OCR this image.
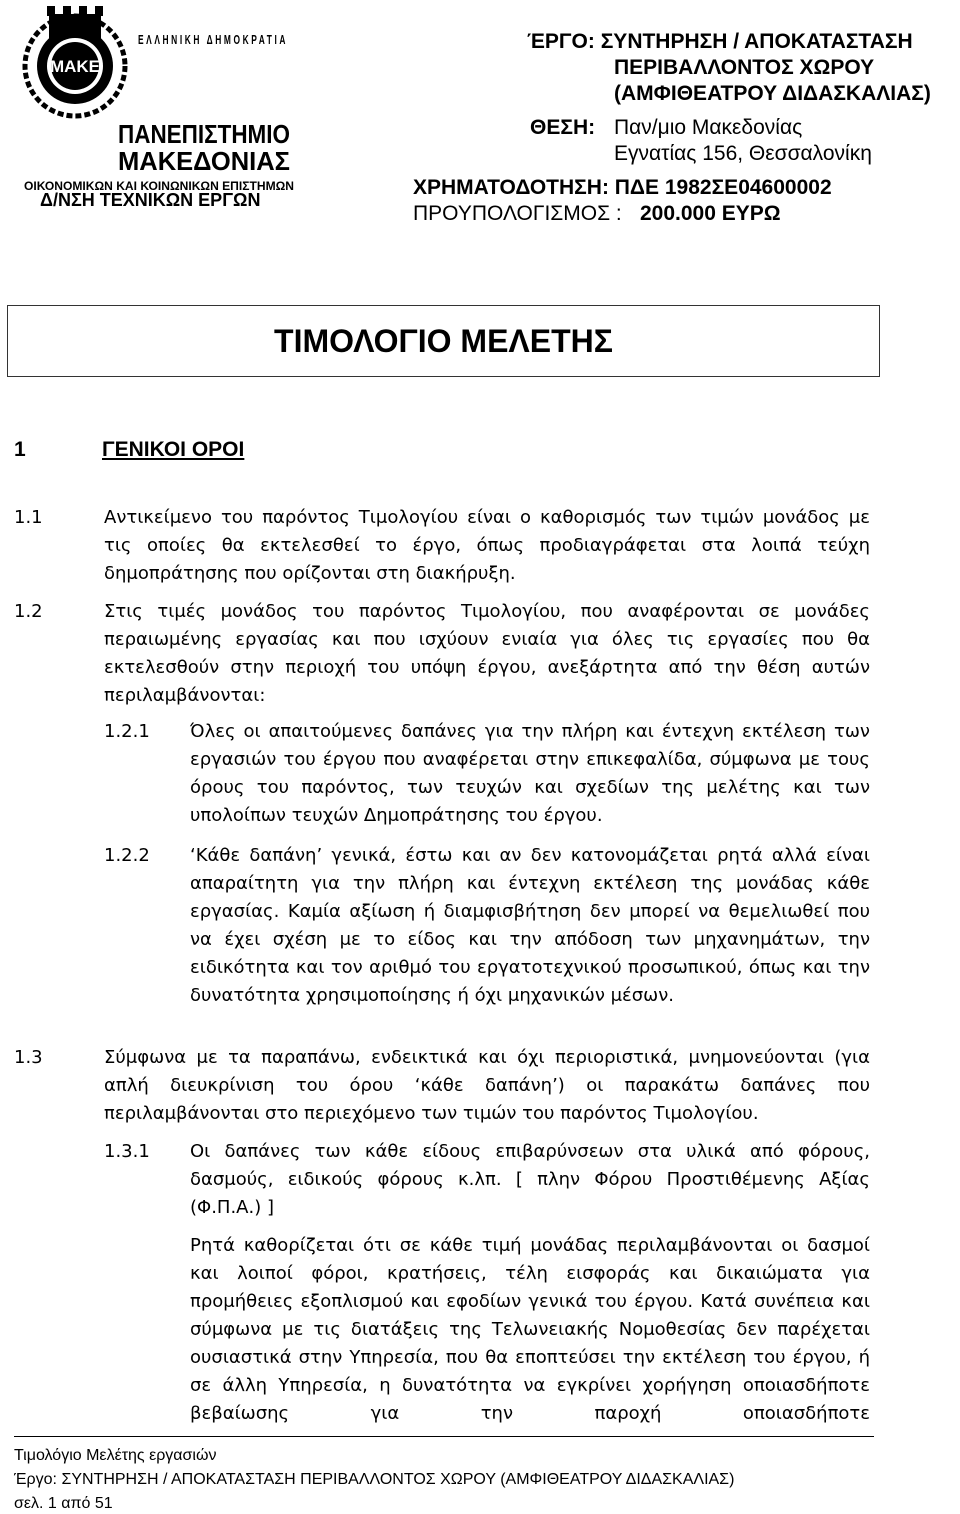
ΜΑΚΕ
ΕΛΛΗΝΙΚΗ ΔΗΜΟΚΡΑΤΙΑ
ΠΑΝΕΠΙΣΤΗΜΙΟ
ΜΑΚΕΔΟΝΙΑΣ
ΟΙΚΟΝΟΜΙΚΩΝ ΚΑΙ ΚΟΙΝΩΝΙΚΩΝ ΕΠΙΣΤΗΜΩΝ
Δ/ΝΣΗ ΤΕΧΝΙΚΩΝ ΕΡΓΩΝ
ΈΡΓΟ: ΣΥΝΤΗΡΗΣΗ / ΑΠΟΚΑΤΑΣΤΑΣΗ
ΠΕΡΙΒΑΛΛΟΝΤΟΣ ΧΩΡΟΥ
(ΑΜΦΙΘΕΑΤΡΟΥ ΔΙΔΑΣΚΑΛΙΑΣ)
ΘΕΣΗ: Παν/μιο Μακεδονίας
Εγνατίας 156, Θεσσαλονίκη
ΧΡΗΜΑΤΟΔΟΤΗΣΗ: ΠΔΕ 1982ΣΕ04600002
ΠΡΟΥΠΟΛΟΓΙΣΜΟΣ : 200.000 ΕΥΡΩ
ΤΙΜΟΛΟΓΙΟ ΜΕΛΕΤΗΣ
1	ΓΕΝΙΚΟΙ ΟΡΟΙ
1.1	Αντικείμενο του παρόντος Τιμολογίου είναι ο καθορισμός των τιμών μονάδος με τις οποίες θα εκτελεσθεί το έργο, όπως προδιαγράφεται στα λοιπά τεύχη δημοπράτησης που ορίζονται στη διακήρυξη.
1.2	Στις τιμές μονάδος του παρόντος Τιμολογίου, που αναφέρονται σε μονάδες περαιωμένης εργασίας και που ισχύουν ενιαία για όλες τις εργασίες που θα εκτελεσθούν στην περιοχή του υπόψη έργου, ανεξάρτητα από την θέση αυτών περιλαμβάνονται:
1.2.1 Όλες οι απαιτούμενες δαπάνες για την πλήρη και έντεχνη εκτέλεση των εργασιών του έργου που αναφέρεται στην επικεφαλίδα, σύμφωνα με τους όρους του παρόντος, των τευχών και σχεδίων της μελέτης και των υπολοίπων τευχών Δημοπράτησης του έργου.
1.2.2 ‘Κάθε δαπάνη’ γενικά, έστω και αν δεν κατονομάζεται ρητά αλλά είναι απαραίτητη για την πλήρη και έντεχνη εκτέλεση της μονάδας κάθε εργασίας. Καμία αξίωση ή διαμφισβήτηση δεν μπορεί να θεμελιωθεί που να έχει σχέση με το είδος και την απόδοση των μηχανημάτων, την ειδικότητα και τον αριθμό του εργατοτεχνικού προσωπικού, όπως και την δυνατότητα χρησιμοποίησης ή όχι μηχανικών μέσων.
1.3	Σύμφωνα με τα παραπάνω, ενδεικτικά και όχι περιοριστικά, μνημονεύονται (για απλή διευκρίνιση του όρου ‘κάθε δαπάνη’) οι παρακάτω δαπάνες που περιλαμβάνονται στο περιεχόμενο των τιμών του παρόντος Τιμολογίου.
1.3.1 Οι δαπάνες των κάθε είδους επιβαρύνσεων στα υλικά από φόρους, δασμούς, ειδικούς φόρους κ.λπ. [ πλην Φόρου Προστιθέμενης Αξίας (Φ.Π.Α.) ]
Ρητά καθορίζεται ότι σε κάθε τιμή μονάδας περιλαμβάνονται οι δασμοί και λοιποί φόροι, κρατήσεις, τέλη εισφοράς και δικαιώματα για προμήθειες εξοπλισμού και εφοδίων γενικά του έργου. Κατά συνέπεια και σύμφωνα με τις διατάξεις της Τελωνειακής Νομοθεσίας δεν παρέχεται ουσιαστικά στην Υπηρεσία, που θα εποπτεύσει την εκτέλεση του έργου, ή σε άλλη Υπηρεσία, η δυνατότητα να εγκρίνει χορήγηση οποιασδήποτε βεβαίωσης για την παροχή οποιασδήποτε
Τιμολόγιο Μελέτης εργασιών
Έργο: ΣΥΝΤΗΡΗΣΗ / ΑΠΟΚΑΤΑΣΤΑΣΗ ΠΕΡΙΒΑΛΛΟΝΤΟΣ ΧΩΡΟΥ (ΑΜΦΙΘΕΑΤΡΟΥ ΔΙΔΑΣΚΑΛΙΑΣ)
σελ. 1 από 51
